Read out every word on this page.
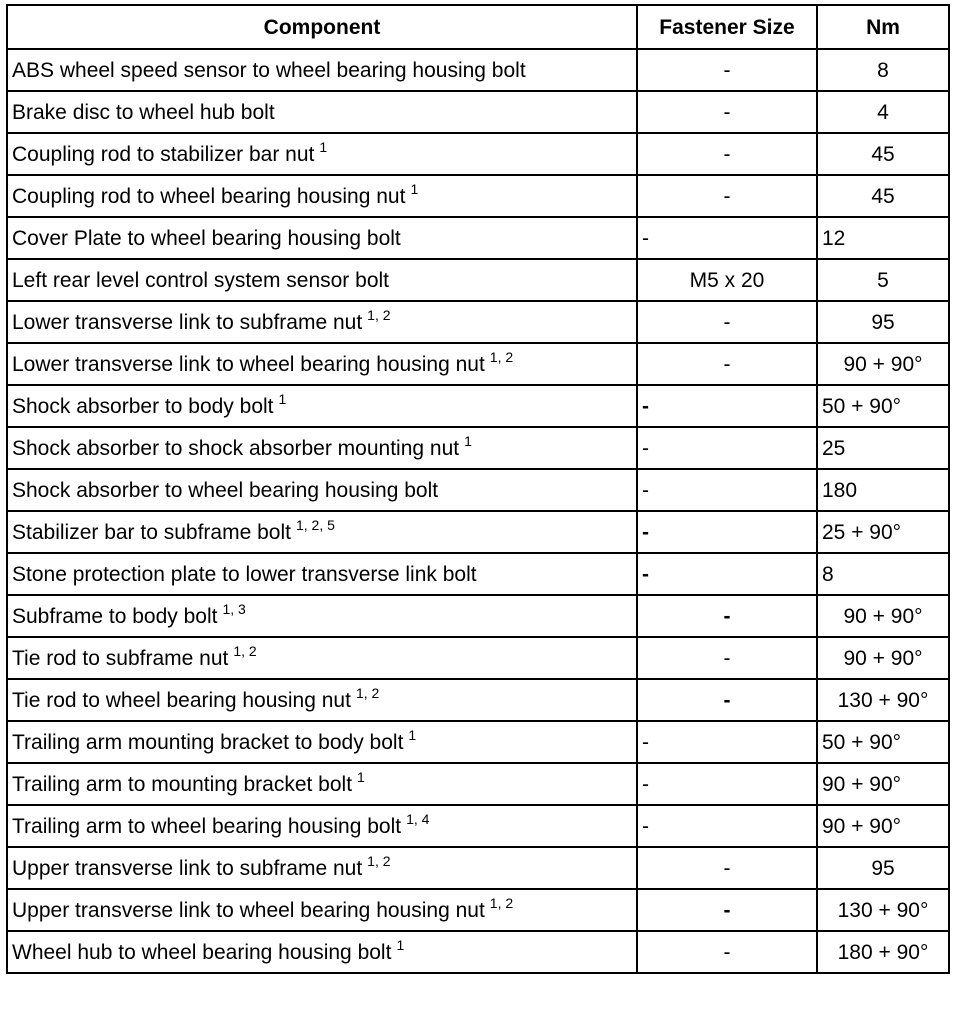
Component	Fastener Size	Nm
ABS wheel speed sensor to wheel bearing housing bolt	-	8
Brake disc to wheel hub bolt	-	4
Coupling rod to stabilizer bar nut $^1$	-	45
Coupling rod to wheel bearing housing nut $^1$	-	45
Cover Plate to wheel bearing housing bolt	-	12
Left rear level control system sensor bolt	M5 x 20	5
Lower transverse link to subframe nut $^{1, 2}$	-	95
Lower transverse link to wheel bearing housing nut $^{1, 2}$	-	90 + 90°
Shock absorber to body bolt $^1$	-	50 + 90°
Shock absorber to shock absorber mounting nut $^1$	-	25
Shock absorber to wheel bearing housing bolt	-	180
Stabilizer bar to subframe bolt $^{1, 2, 5}$	-	25 + 90°
Stone protection plate to lower transverse link bolt	-	8
Subframe to body bolt $^{1, 3}$	-	90 + 90°
Tie rod to subframe nut $^{1, 2}$	-	90 + 90°
Tie rod to wheel bearing housing nut $^{1, 2}$	-	130 + 90°
Trailing arm mounting bracket to body bolt $^1$	-	50 + 90°
Trailing arm to mounting bracket bolt $^1$	-	90 + 90°
Trailing arm to wheel bearing housing bolt $^{1, 4}$	-	90 + 90°
Upper transverse link to subframe nut $^{1, 2}$	-	95
Upper transverse link to wheel bearing housing nut $^{1, 2}$	-	130 + 90°
Wheel hub to wheel bearing housing bolt $^1$	-	180 + 90°
